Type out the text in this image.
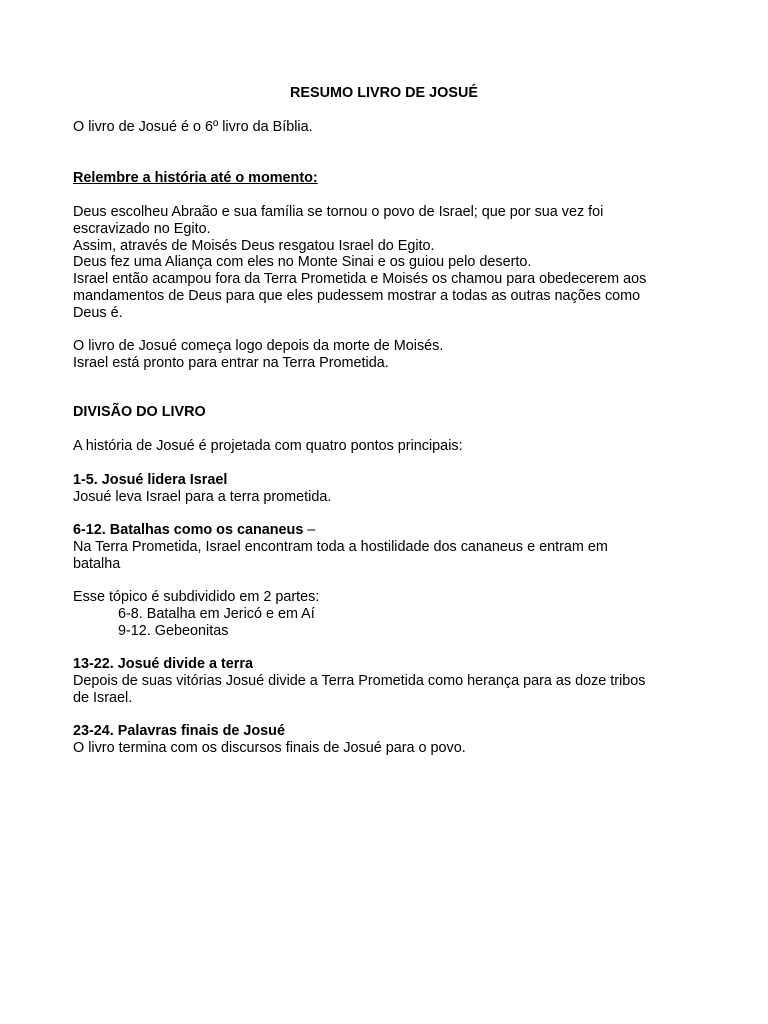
RESUMO LIVRO DE JOSUÉ

O livro de Josué é o 6º livro da Bíblia.

Relembre a história até o momento:

Deus escolheu Abraão e sua família se tornou o povo de Israel; que por sua vez foi

escravizado no Egito.

Assim, através de Moisés Deus resgatou Israel do Egito.

Deus fez uma Aliança com eles no Monte Sinai e os guiou pelo deserto.

Israel então acampou fora da Terra Prometida e Moisés os chamou para obedecerem aos

mandamentos de Deus para que eles pudessem mostrar a todas as outras nações como

Deus é.

O livro de Josué começa logo depois da morte de Moisés.

Israel está pronto para entrar na Terra Prometida.

DIVISÃO DO LIVRO

A história de Josué é projetada com quatro pontos principais:

1-5. Josué lidera Israel

Josué leva Israel para a terra prometida.

6-12. Batalhas como os cananeus –

Na Terra Prometida, Israel encontram toda a hostilidade dos cananeus e entram em

batalha

Esse tópico é subdividido em 2 partes:

6-8. Batalha em Jericó e em Aí

9-12. Gebeonitas

13-22. Josué divide a terra

Depois de suas vitórias Josué divide a Terra Prometida como herança para as doze tribos

de Israel.

23-24. Palavras finais de Josué

O livro termina com os discursos finais de Josué para o povo.
